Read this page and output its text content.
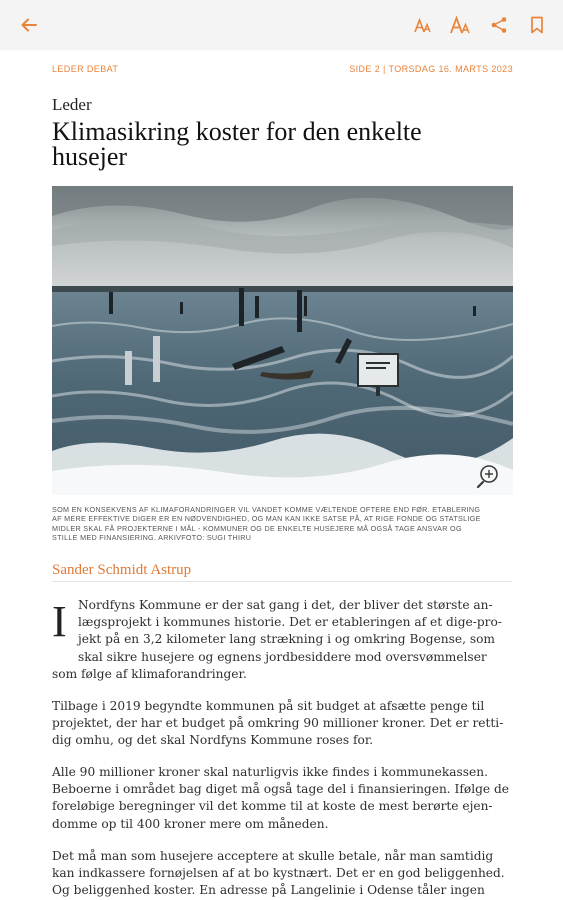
LEDER DEBAT	SIDE 2 | TORSDAG 16. MARTS 2023
Leder
Klimasikring koster for den enkelte
husejer
SOM EN KONSEKVENS AF KLIMAFORANDRINGER VIL VANDET KOMME VÆLTENDE OFTERE END FØR. ETABLERING
AF MERE EFFEKTIVE DIGER ER EN NØDVENDIGHED, OG MAN KAN IKKE SATSE PÅ, AT RIGE FONDE OG STATSLIGE
MIDLER SKAL FÅ PROJEKTERNE I MÅL - KOMMUNER OG DE ENKELTE HUSEJERE MÅ OGSÅ TAGE ANSVAR OG
STILLE MED FINANSIERING. ARKIVFOTO: SUGI THIRU
Sander Schmidt Astrup
I Nordfyns Kommune er der sat gang i det, der bliver det største an-
lægsprojekt i kommunes historie. Det er etableringen af et dige-pro-
jekt på en 3,2 kilometer lang strækning i og omkring Bogense, som
skal sikre husejere og egnens jordbesiddere mod oversvømmelser
som følge af klimaforandringer.
Tilbage i 2019 begyndte kommunen på sit budget at afsætte penge til
projektet, der har et budget på omkring 90 millioner kroner. Det er retti-
dig omhu, og det skal Nordfyns Kommune roses for.
Alle 90 millioner kroner skal naturligvis ikke findes i kommunekassen.
Beboerne i området bag diget må også tage del i finansieringen. Ifølge de
foreløbige beregninger vil det komme til at koste de mest berørte ejen-
domme op til 400 kroner mere om måneden.
Det må man som husejere acceptere at skulle betale, når man samtidig
kan indkassere fornøjelsen af at bo kystnært. Det er en god beliggenhed.
Og beliggenhed koster. En adresse på Langelinie i Odense tåler ingen
